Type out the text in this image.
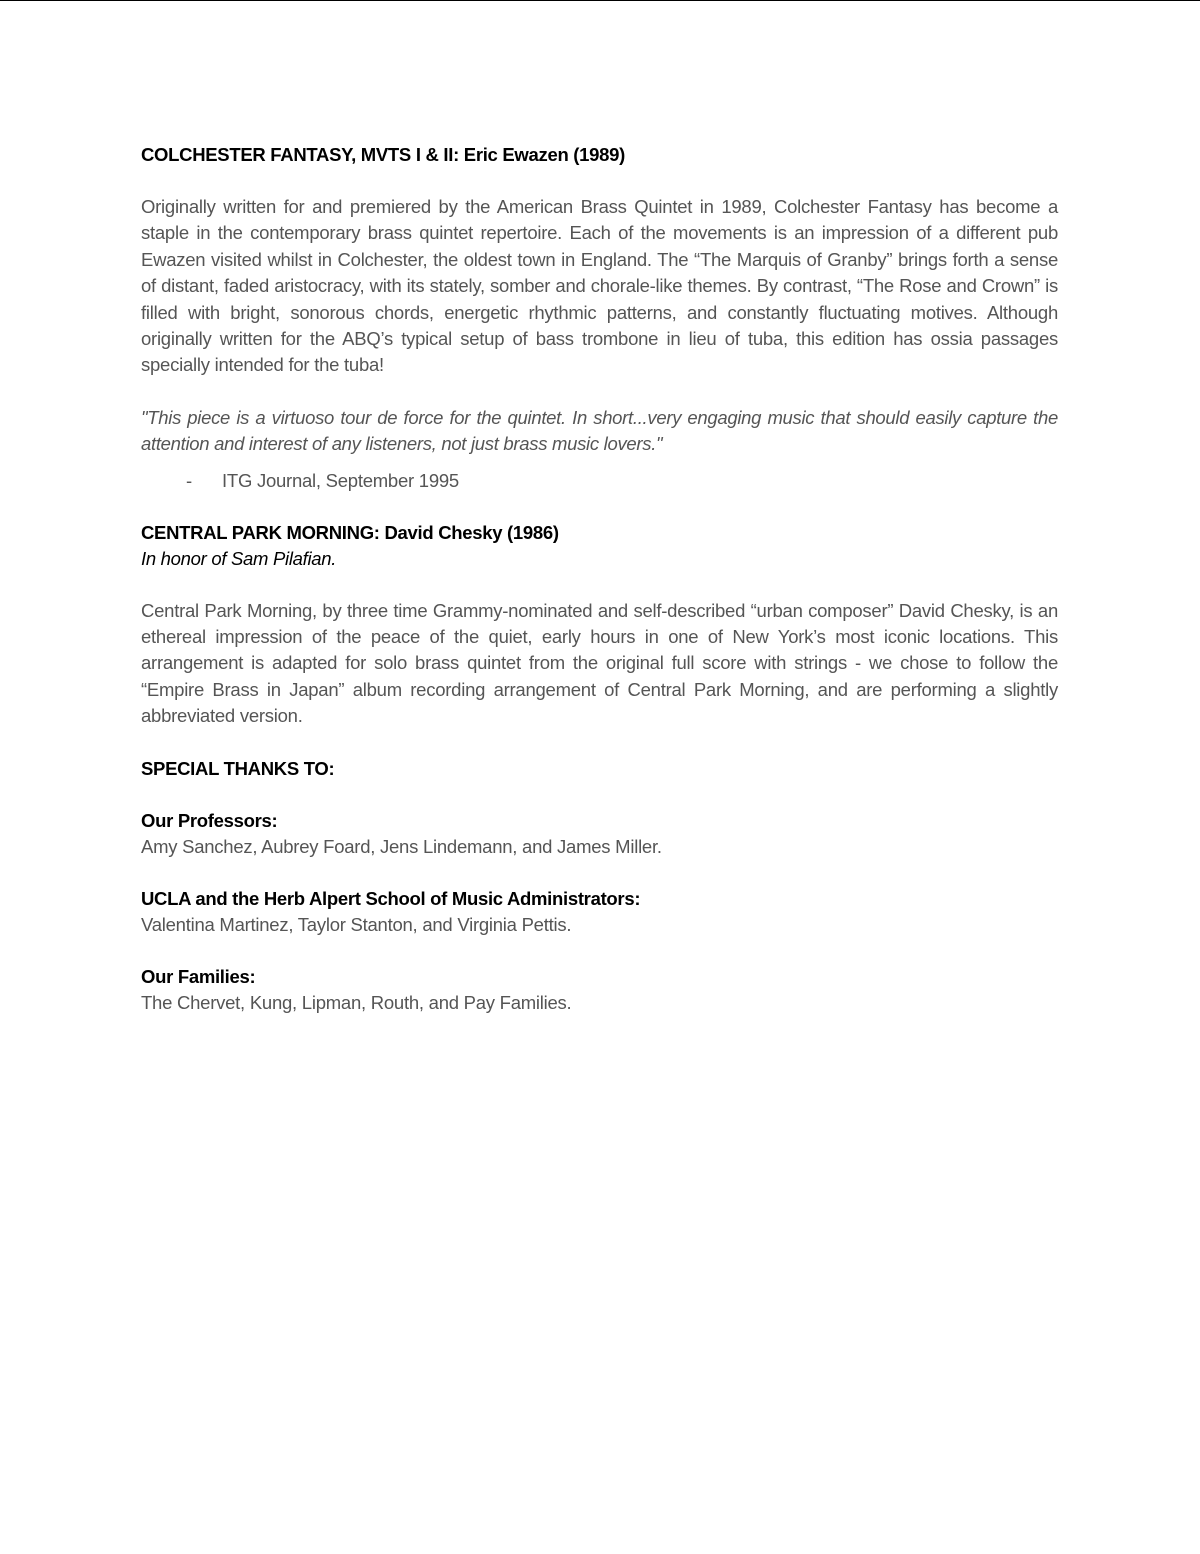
COLCHESTER FANTASY, MVTS I & II: Eric Ewazen (1989)

Originally written for and premiered by the American Brass Quintet in 1989, Colchester Fantasy has become a staple in the contemporary brass quintet repertoire. Each of the movements is an impression of a different pub Ewazen visited whilst in Colchester, the oldest town in England. The “The Marquis of Granby” brings forth a sense of distant, faded aristocracy, with its stately, somber and chorale-like themes. By contrast, “The Rose and Crown” is filled with bright, sonorous chords, energetic rhythmic patterns, and constantly fluctuating motives. Although originally written for the ABQ’s typical setup of bass trombone in lieu of tuba, this edition has ossia passages specially intended for the tuba!

"This piece is a virtuoso tour de force for the quintet. In short...very engaging music that should easily capture the attention and interest of any listeners, not just brass music lovers."

-	ITG Journal, September 1995

CENTRAL PARK MORNING: David Chesky (1986)

In honor of Sam Pilafian.

Central Park Morning, by three time Grammy-nominated and self-described “urban composer” David Chesky, is an ethereal impression of the peace of the quiet, early hours in one of New York’s most iconic locations. This arrangement is adapted for solo brass quintet from the original full score with strings - we chose to follow the “Empire Brass in Japan” album recording arrangement of Central Park Morning, and are performing a slightly abbreviated version.

SPECIAL THANKS TO:

Our Professors:

Amy Sanchez, Aubrey Foard, Jens Lindemann, and James Miller.

UCLA and the Herb Alpert School of Music Administrators:

Valentina Martinez, Taylor Stanton, and Virginia Pettis.

Our Families:

The Chervet, Kung, Lipman, Routh, and Pay Families.
